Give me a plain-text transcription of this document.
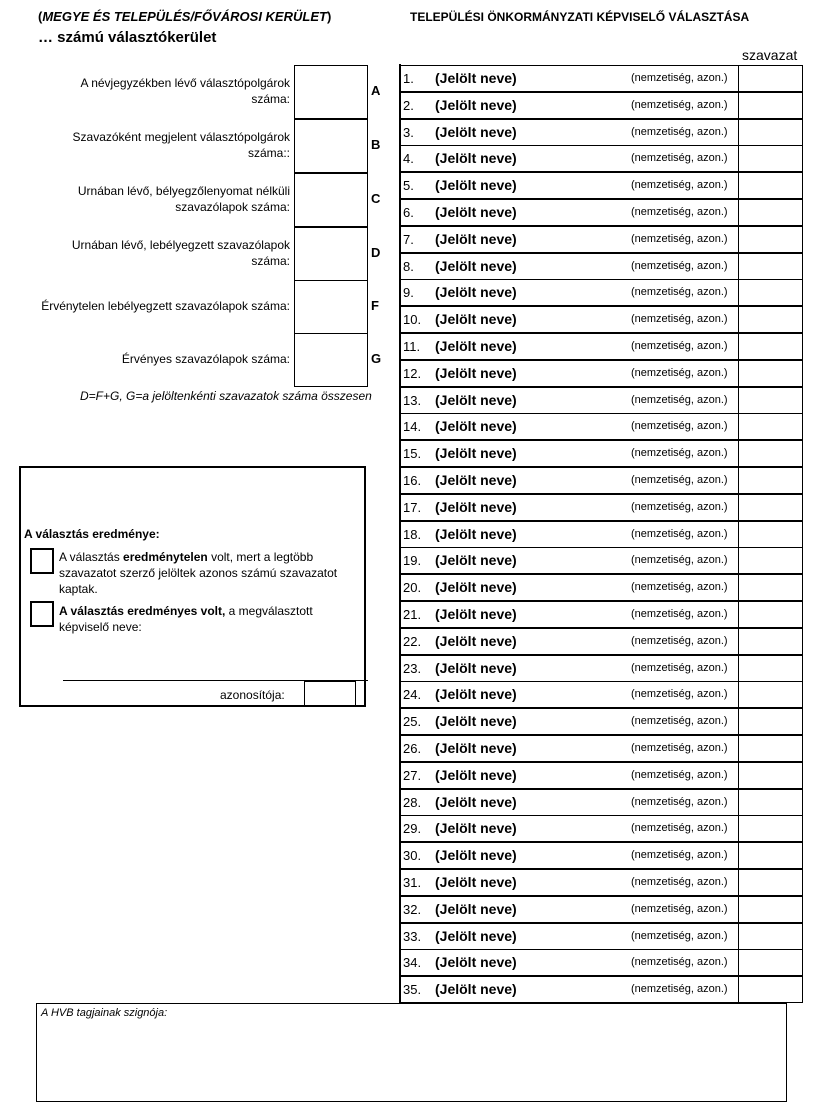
(MEGYE ÉS TELEPÜLÉS/FŐVÁROSI KERÜLET)
… számú választókerület
TELEPÜLÉSI ÖNKORMÁNYZATI KÉPVISELŐ VÁLASZTÁSA
szavazat
A névjegyzékben lévő választópolgárok
száma:
A
Szavazóként megjelent választópolgárok
száma::
B
Urnában lévő, bélyegzőlenyomat nélküli
szavazólapok száma:
C
Urnában lévő, lebélyegzett szavazólapok
száma:
D
Érvénytelen lebélyegzett szavazólapok száma:	F
Érvényes szavazólapok száma:	G
D=F+G, G=a jelöltenkénti szavazatok száma összesen
A választás eredménye:
A választás eredménytelen volt, mert a legtöbb szavazatot szerző jelöltek azonos számú szavazatot kaptak.
A választás eredményes volt, a megválasztott képviselő neve:
azonosítója:
1. (Jelölt neve)	(nemzetiség, azon.)
2. (Jelölt neve)	(nemzetiség, azon.)
3. (Jelölt neve)	(nemzetiség, azon.)
4. (Jelölt neve)	(nemzetiség, azon.)
5. (Jelölt neve)	(nemzetiség, azon.)
6. (Jelölt neve)	(nemzetiség, azon.)
7. (Jelölt neve)	(nemzetiség, azon.)
8. (Jelölt neve)	(nemzetiség, azon.)
9. (Jelölt neve)	(nemzetiség, azon.)
10. (Jelölt neve)	(nemzetiség, azon.)
11. (Jelölt neve)	(nemzetiség, azon.)
12. (Jelölt neve)	(nemzetiség, azon.)
13. (Jelölt neve)	(nemzetiség, azon.)
14. (Jelölt neve)	(nemzetiség, azon.)
15. (Jelölt neve)	(nemzetiség, azon.)
16. (Jelölt neve)	(nemzetiség, azon.)
17. (Jelölt neve)	(nemzetiség, azon.)
18. (Jelölt neve)	(nemzetiség, azon.)
19. (Jelölt neve)	(nemzetiség, azon.)
20. (Jelölt neve)	(nemzetiség, azon.)
21. (Jelölt neve)	(nemzetiség, azon.)
22. (Jelölt neve)	(nemzetiség, azon.)
23. (Jelölt neve)	(nemzetiség, azon.)
24. (Jelölt neve)	(nemzetiség, azon.)
25. (Jelölt neve)	(nemzetiség, azon.)
26. (Jelölt neve)	(nemzetiség, azon.)
27. (Jelölt neve)	(nemzetiség, azon.)
28. (Jelölt neve)	(nemzetiség, azon.)
29. (Jelölt neve)	(nemzetiség, azon.)
30. (Jelölt neve)	(nemzetiség, azon.)
31. (Jelölt neve)	(nemzetiség, azon.)
32. (Jelölt neve)	(nemzetiség, azon.)
33. (Jelölt neve)	(nemzetiség, azon.)
34. (Jelölt neve)	(nemzetiség, azon.)
35. (Jelölt neve)	(nemzetiség, azon.)
A HVB tagjainak szignója:
